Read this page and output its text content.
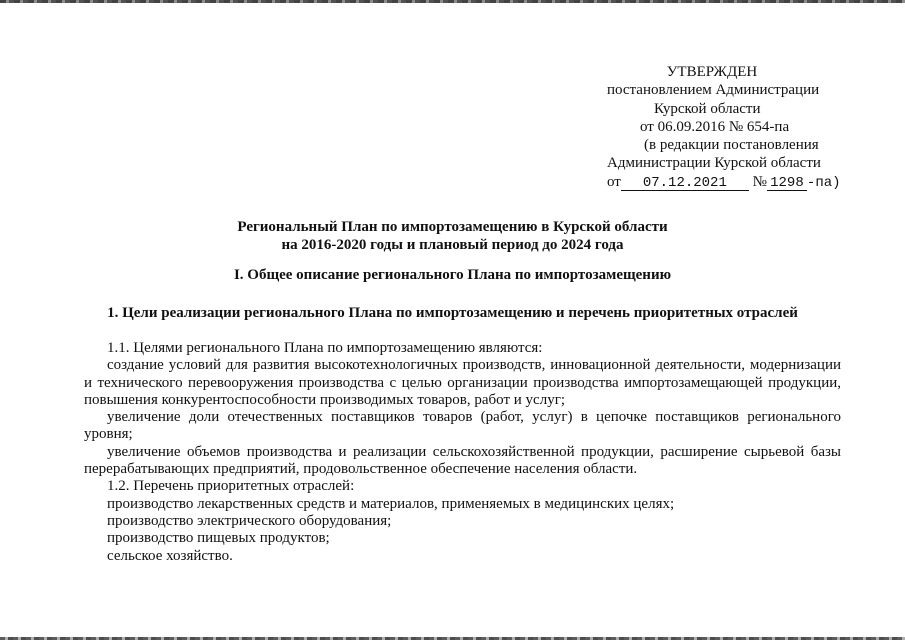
УТВЕРЖДЕН
постановлением Администрации
Курской области
от 06.09.2016 № 654-па
(в редакции постановления
Администрации Курской области
от 07.12.2021 № 1298 -па)
Региональный План по импортозамещению в Курской области
на 2016-2020 годы и плановый период до 2024 года
I. Общее описание регионального Плана по импортозамещению
1. Цели реализации регионального Плана по импортозамещению и перечень приоритетных отраслей

1.1. Целями регионального Плана по импортозамещению являются:

создание условий для развития высокотехнологичных производств, инновационной деятельности, модернизации и технического перевооружения производства с целью организации производства импортозамещающей продукции, повышения конкурентоспособности производимых товаров, работ и услуг;

увеличение доли отечественных поставщиков товаров (работ, услуг) в цепочке поставщиков регионального уровня;

увеличение объемов производства и реализации сельскохозяйственной продукции, расширение сырьевой базы перерабатывающих предприятий, продовольственное обеспечение населения области.

1.2. Перечень приоритетных отраслей:

производство лекарственных средств и материалов, применяемых в медицинских целях;

производство электрического оборудования;

производство пищевых продуктов;

сельское хозяйство.
